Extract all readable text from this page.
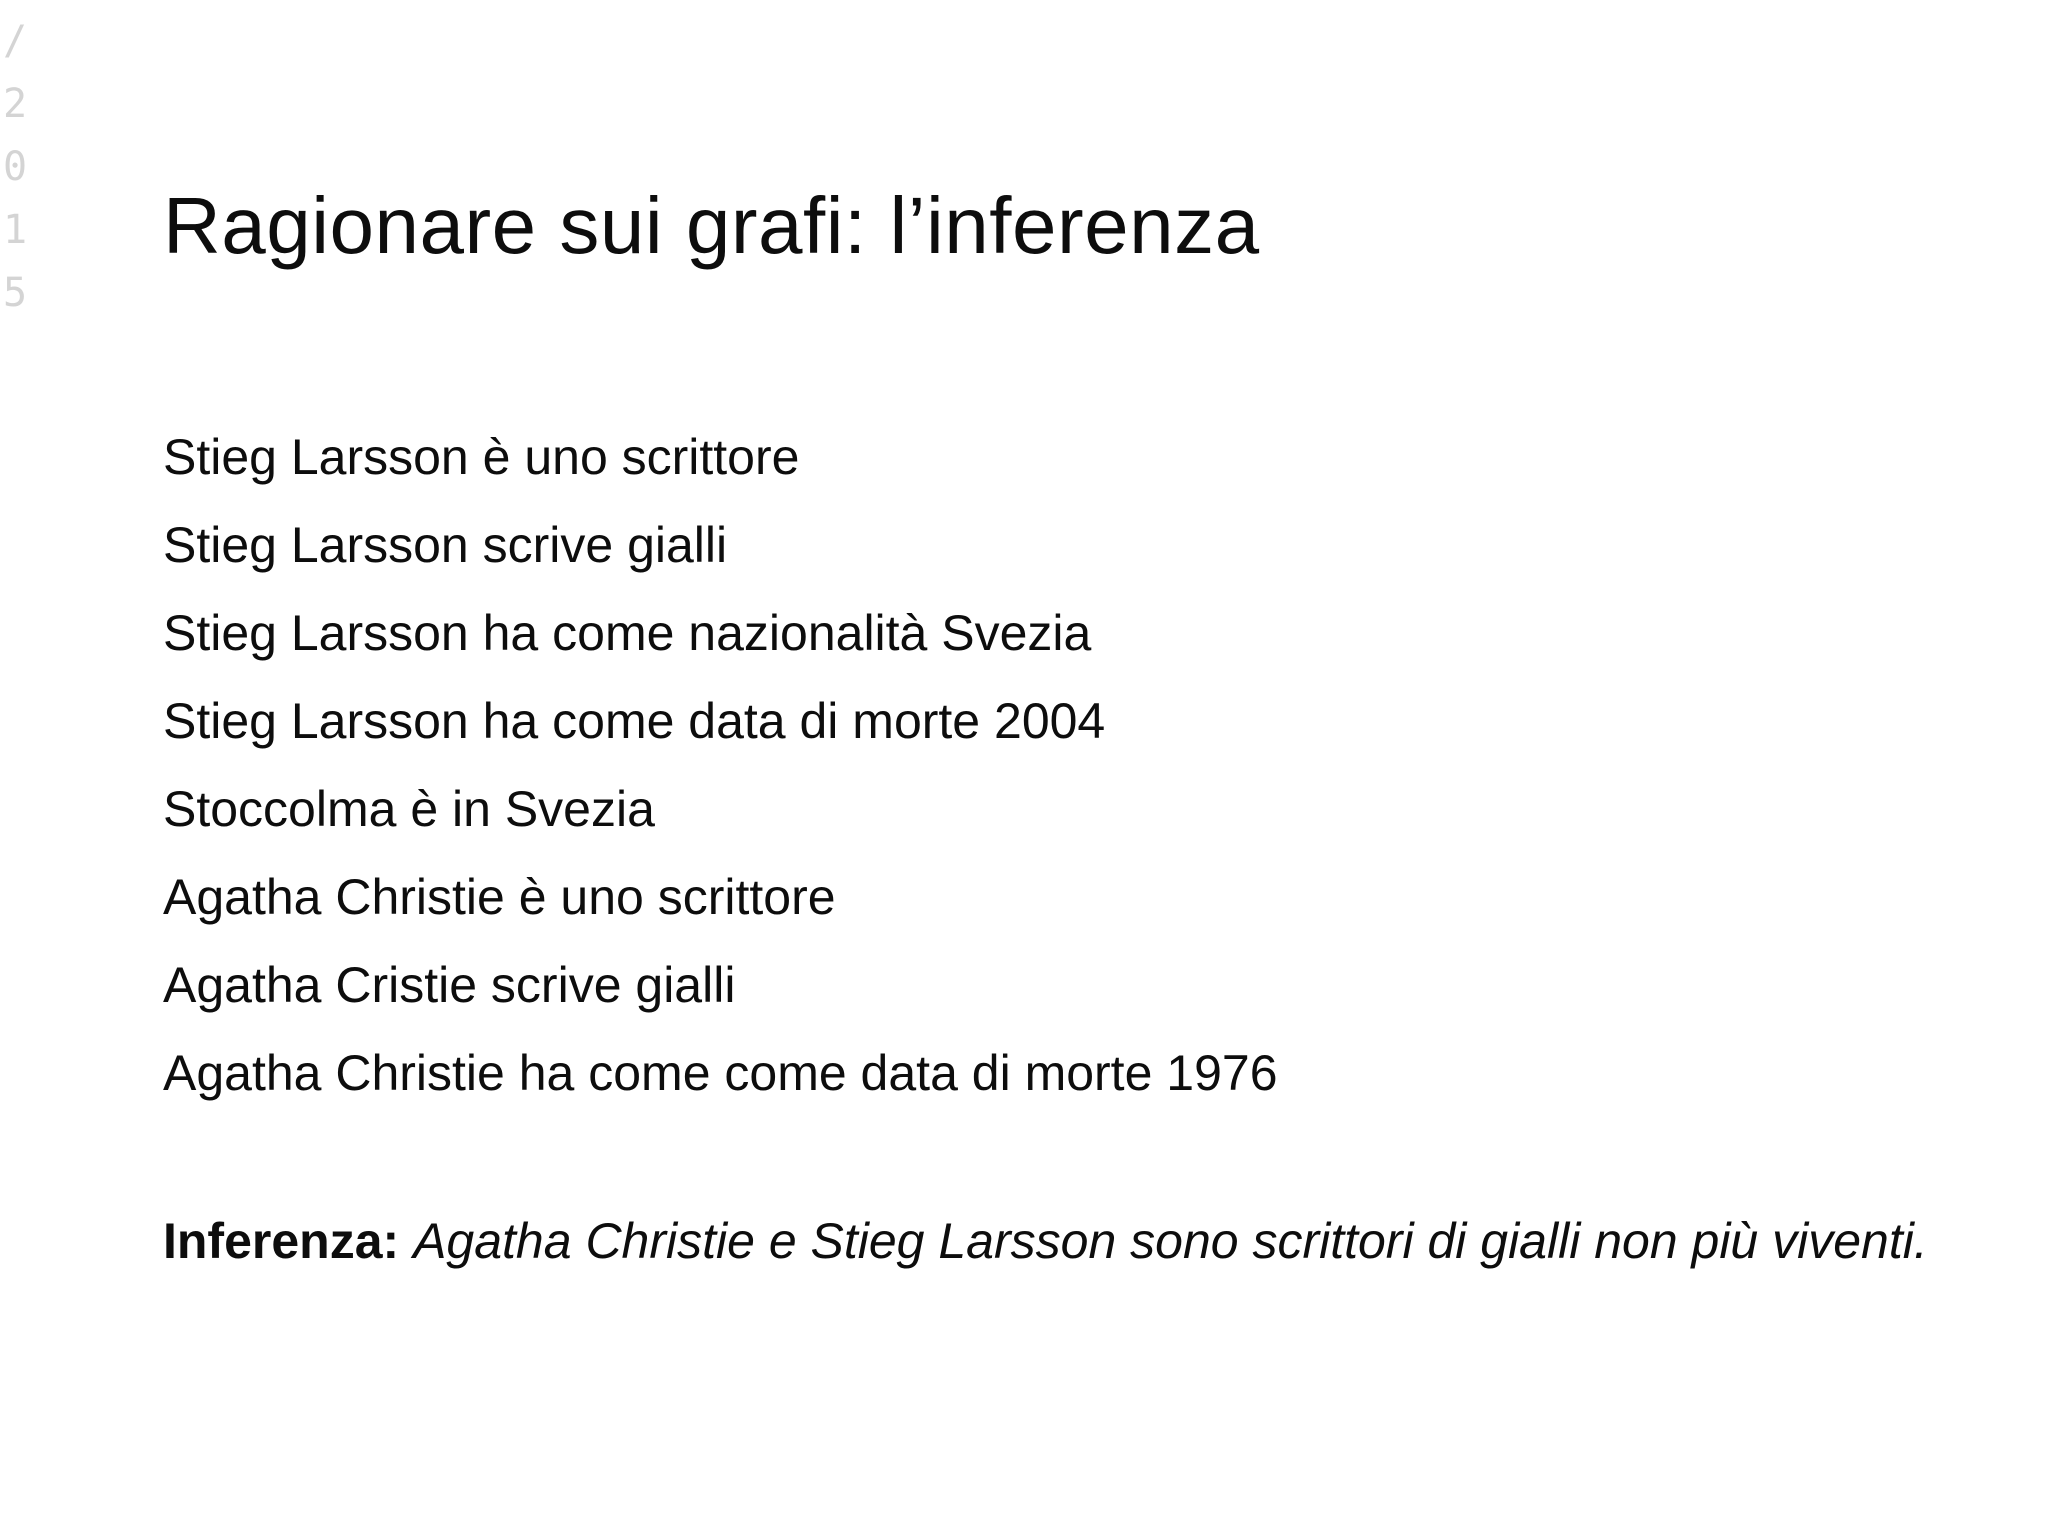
/
2
0
1
5
Ragionare sui grafi: l’inferenza
Stieg Larsson è uno scrittore
Stieg Larsson scrive gialli
Stieg Larsson ha come nazionalità Svezia
Stieg Larsson ha come data di morte 2004
Stoccolma è in Svezia
Agatha Christie è uno scrittore
Agatha Cristie scrive gialli
Agatha Christie ha come come data di morte 1976

Inferenza: Agatha Christie e Stieg Larsson sono scrittori di gialli non più viventi.
